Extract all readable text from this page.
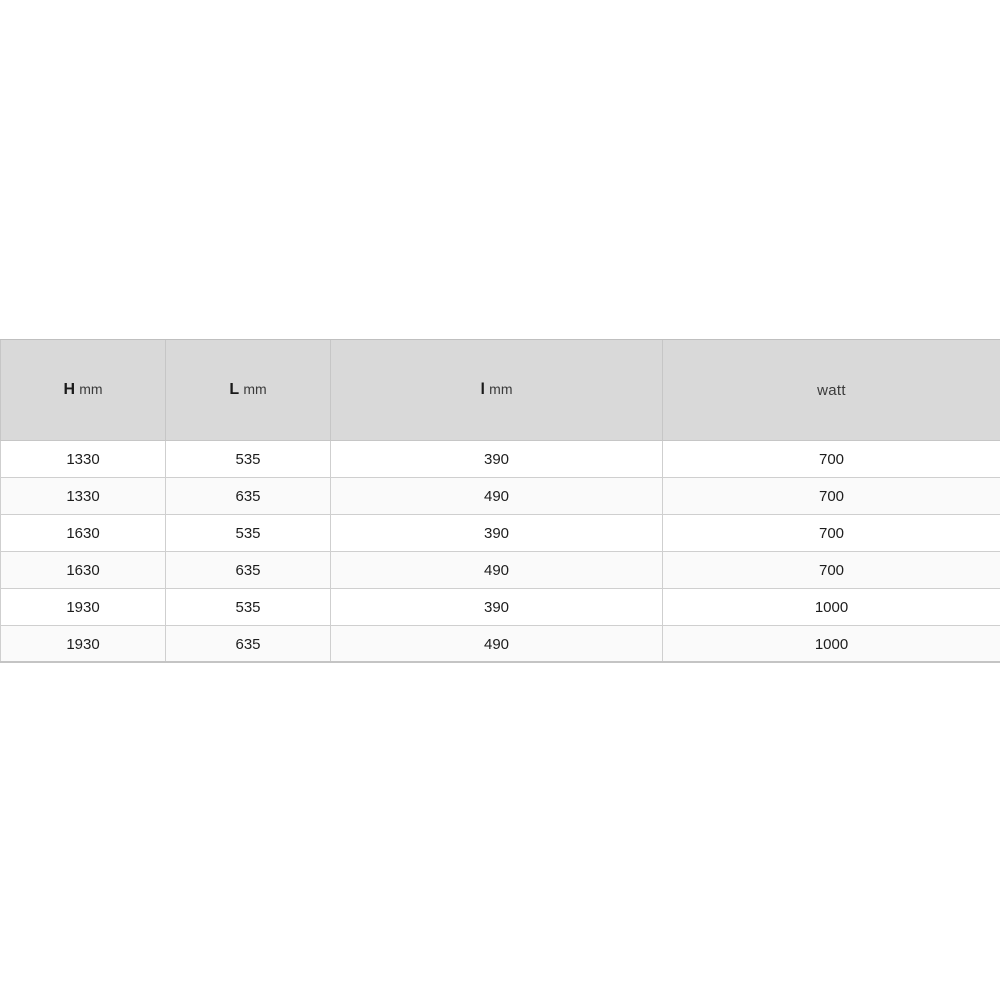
H mm	L mm	l mm	watt
1330	535	390	700
1330	635	490	700
1630	535	390	700
1630	635	490	700
1930	535	390	1000
1930	635	490	1000
